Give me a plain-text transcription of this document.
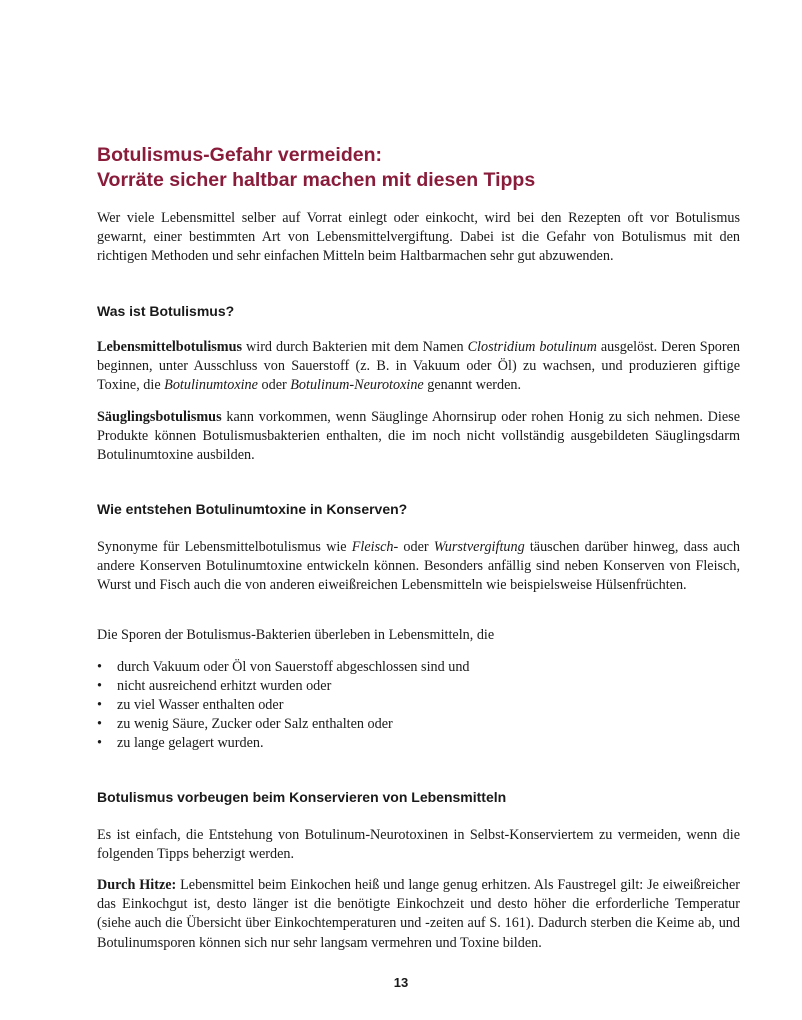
Botulismus-Gefahr vermeiden:
Vorräte sicher haltbar machen mit diesen Tipps

Wer viele Lebensmittel selber auf Vorrat einlegt oder einkocht, wird bei den Rezepten oft vor Botulismus gewarnt, einer bestimmten Art von Lebensmittelvergiftung. Dabei ist die Gefahr von Botulismus mit den richtigen Methoden und sehr einfachen Mitteln beim Haltbarmachen sehr gut abzuwenden.

Was ist Botulismus?

Lebensmittelbotulismus wird durch Bakterien mit dem Namen Clostridium botulinum ausgelöst. Deren Sporen beginnen, unter Ausschluss von Sauerstoff (z. B. in Vakuum oder Öl) zu wachsen, und produzieren giftige Toxine, die Botulinumtoxine oder Botulinum-Neurotoxine genannt werden.

Säuglingsbotulismus kann vorkommen, wenn Säuglinge Ahornsirup oder rohen Honig zu sich nehmen. Diese Produkte können Botulismusbakterien enthalten, die im noch nicht vollständig ausgebildeten Säuglingsdarm Botulinumtoxine ausbilden.

Wie entstehen Botulinumtoxine in Konserven?

Synonyme für Lebensmittelbotulismus wie Fleisch- oder Wurstvergiftung täuschen darüber hinweg, dass auch andere Konserven Botulinumtoxine entwickeln können. Besonders anfällig sind neben Konserven von Fleisch, Wurst und Fisch auch die von anderen eiweißreichen Lebensmitteln wie beispielsweise Hülsenfrüchten.

Die Sporen der Botulismus-Bakterien überleben in Lebensmitteln, die

• durch Vakuum oder Öl von Sauerstoff abgeschlossen sind und
• nicht ausreichend erhitzt wurden oder
• zu viel Wasser enthalten oder
• zu wenig Säure, Zucker oder Salz enthalten oder
• zu lange gelagert wurden.
Botulismus vorbeugen beim Konservieren von Lebensmitteln

Es ist einfach, die Entstehung von Botulinum-Neurotoxinen in Selbst-Konserviertem zu vermeiden, wenn die folgenden Tipps beherzigt werden.

Durch Hitze: Lebensmittel beim Einkochen heiß und lange genug erhitzen. Als Faustregel gilt: Je eiweißreicher das Einkochgut ist, desto länger ist die benötigte Einkochzeit und desto höher die erforderliche Temperatur (siehe auch die Übersicht über Einkochtemperaturen und -zeiten auf S. 161). Dadurch sterben die Keime ab, und Botulinumsporen können sich nur sehr langsam vermehren und Toxine bilden.

13
